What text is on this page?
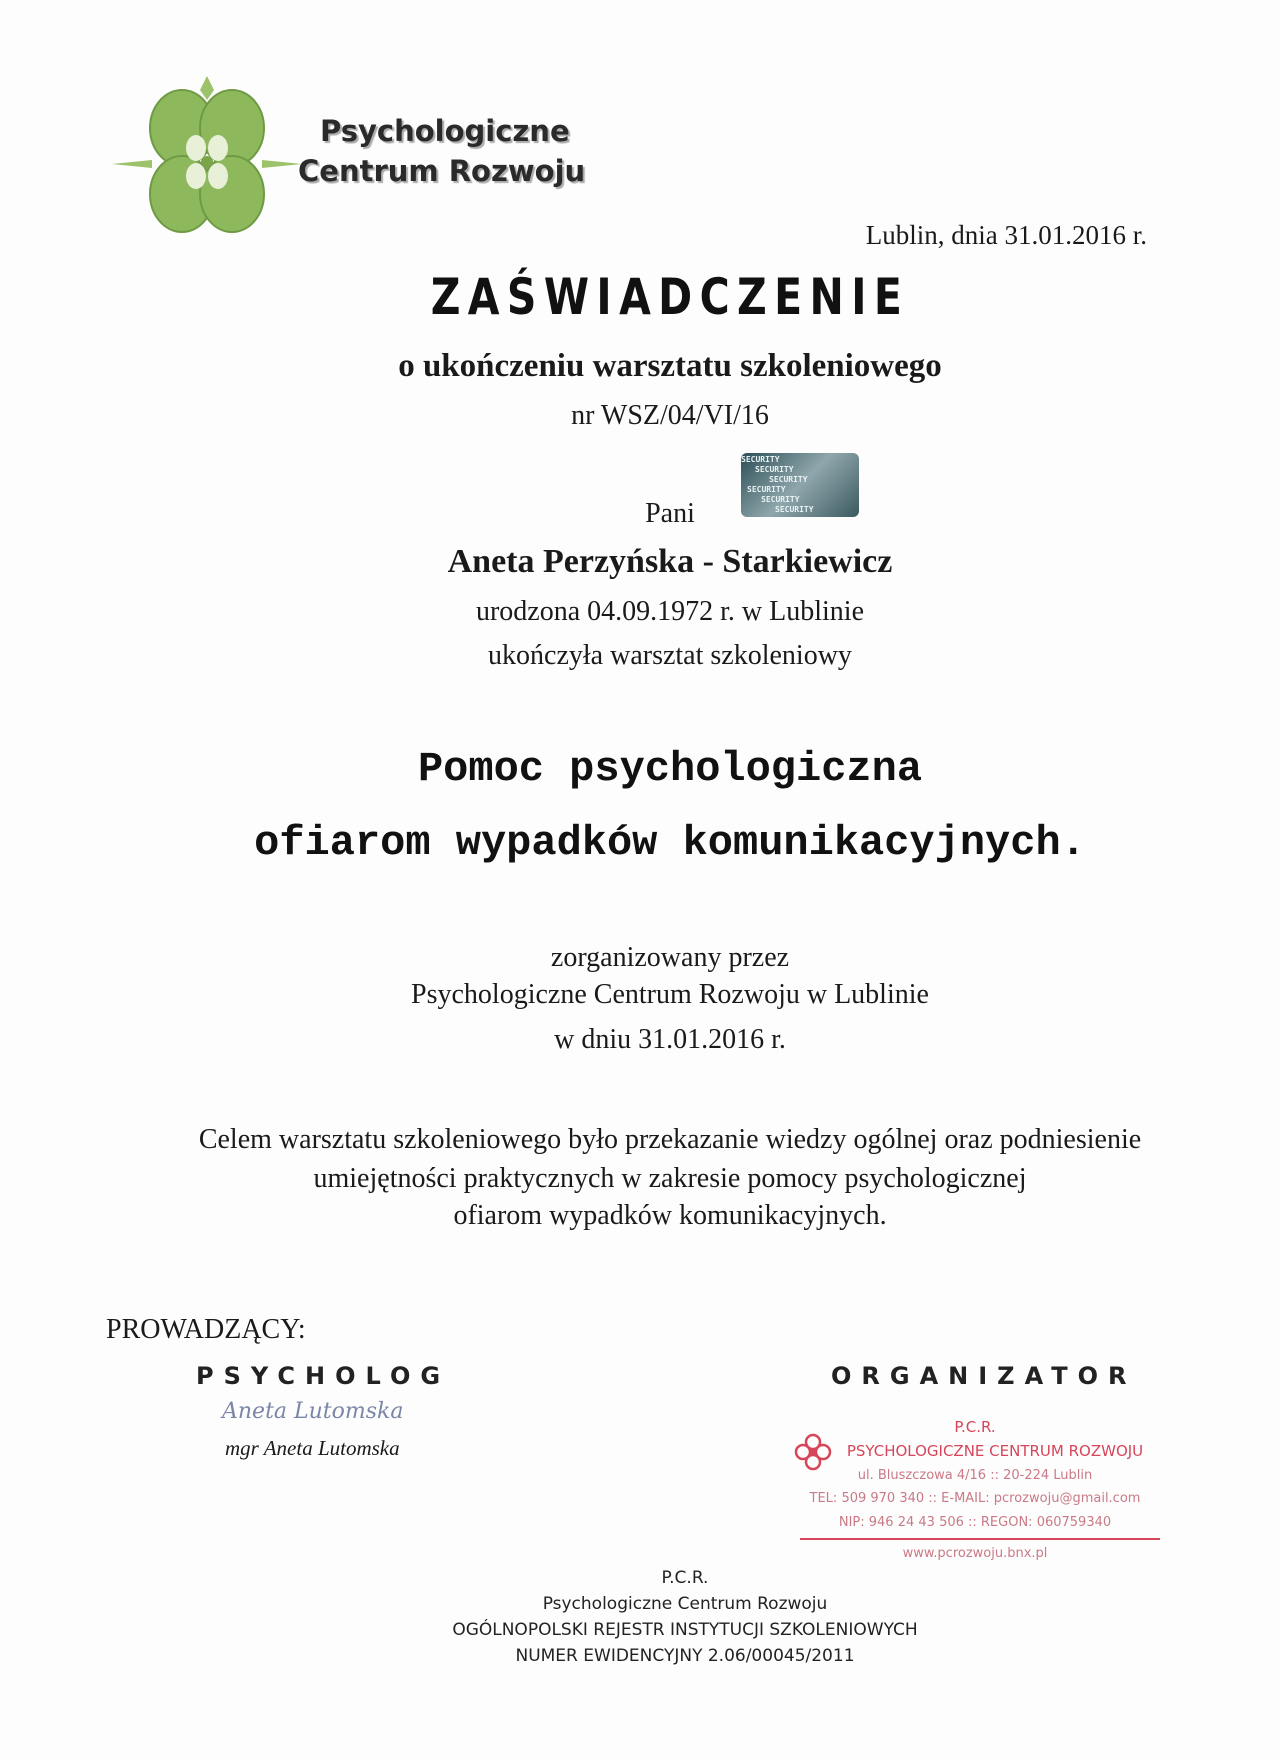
Psychologiczne
Centrum Rozwoju
Lublin, dnia 31.01.2016 r.
ZAŚWIADCZENIE
o ukończeniu warsztatu szkoleniowego
nr WSZ/04/VI/16
SECURITY
SECURITY
SECURITY
SECURITY
SECURITY
SECURITY
Pani
Aneta Perzyńska - Starkiewicz
urodzona 04.09.1972 r. w Lublinie
ukończyła warsztat szkoleniowy
Pomoc psychologiczna
ofiarom wypadków komunikacyjnych.
zorganizowany przez
Psychologiczne Centrum Rozwoju w Lublinie
w dniu 31.01.2016 r.
Celem warsztatu szkoleniowego było przekazanie wiedzy ogólnej oraz podniesienie
umiejętności praktycznych w zakresie pomocy psychologicznej
ofiarom wypadków komunikacyjnych.
PROWADZĄCY:
PSYCHOLOG
Aneta Lutomska
mgr Aneta Lutomska
ORGANIZATOR
P.C.R.
PSYCHOLOGICZNE CENTRUM ROZWOJU
ul. Bluszczowa 4/16 :: 20-224 Lublin
TEL: 509 970 340 :: E-MAIL: pcrozwoju@gmail.com
NIP: 946 24 43 506 :: REGON: 060759340
www.pcrozwoju.bnx.pl
P.C.R.
Psychologiczne Centrum Rozwoju
OGÓLNOPOLSKI REJESTR INSTYTUCJI SZKOLENIOWYCH
NUMER EWIDENCYJNY 2.06/00045/2011
